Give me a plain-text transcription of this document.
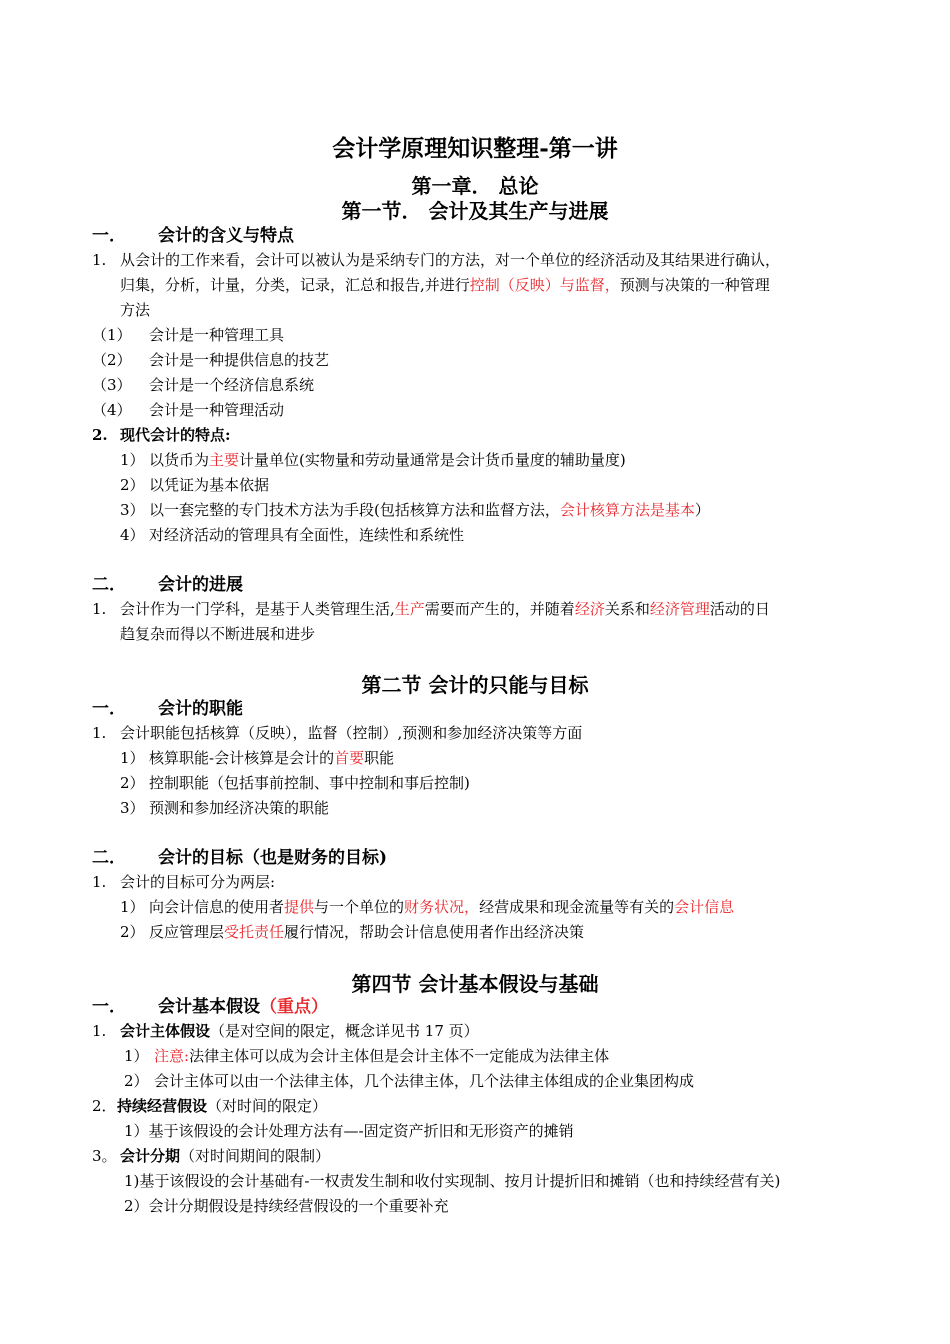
会计学原理知识整理-第一讲
第一章． 总论
第一节． 会计及其生产与进展
一． 会计的含义与特点
1. 从会计的工作来看，会计可以被认为是采纳专门的方法，对一个单位的经济活动及其结果进行确认，
归集，分析，计量，分类，记录，汇总和报告,并进行控制（反映）与监督，预测与决策的一种管理
方法
（1） 会计是一种管理工具
（2） 会计是一种提供信息的技艺
（3） 会计是一个经济信息系统
（4） 会计是一种管理活动
2. 现代会计的特点:
1） 以货币为主要计量单位(实物量和劳动量通常是会计货币量度的辅助量度)
2） 以凭证为基本依据
3） 以一套完整的专门技术方法为手段(包括核算方法和监督方法，会计核算方法是基本）
4） 对经济活动的管理具有全面性，连续性和系统性
二． 会计的进展
1. 会计作为一门学科，是基于人类管理生活,生产需要而产生的，并随着经济关系和经济管理活动的日
趋复杂而得以不断进展和进步
第二节 会计的只能与目标
一． 会计的职能
1. 会计职能包括核算（反映），监督（控制）,预测和参加经济决策等方面
1） 核算职能-会计核算是会计的首要职能
2） 控制职能（包括事前控制、事中控制和事后控制)
3） 预测和参加经济决策的职能
二． 会计的目标（也是财务的目标)
1. 会计的目标可分为两层:
1） 向会计信息的使用者提供与一个单位的财务状况，经营成果和现金流量等有关的会计信息
2） 反应管理层受托责任履行情况，帮助会计信息使用者作出经济决策
第四节 会计基本假设与基础
一． 会计基本假设（重点）
1. 会计主体假设（是对空间的限定，概念详见书 17 页）
1） 注意:法律主体可以成为会计主体但是会计主体不一定能成为法律主体
2） 会计主体可以由一个法律主体，几个法律主体，几个法律主体组成的企业集团构成
2．持续经营假设（对时间的限定）
1）基于该假设的会计处理方法有—-固定资产折旧和无形资产的摊销
3。 会计分期（对时间期间的限制）
1)基于该假设的会计基础有-一权责发生制和收付实现制、按月计提折旧和摊销（也和持续经营有关)
2）会计分期假设是持续经营假设的一个重要补充
